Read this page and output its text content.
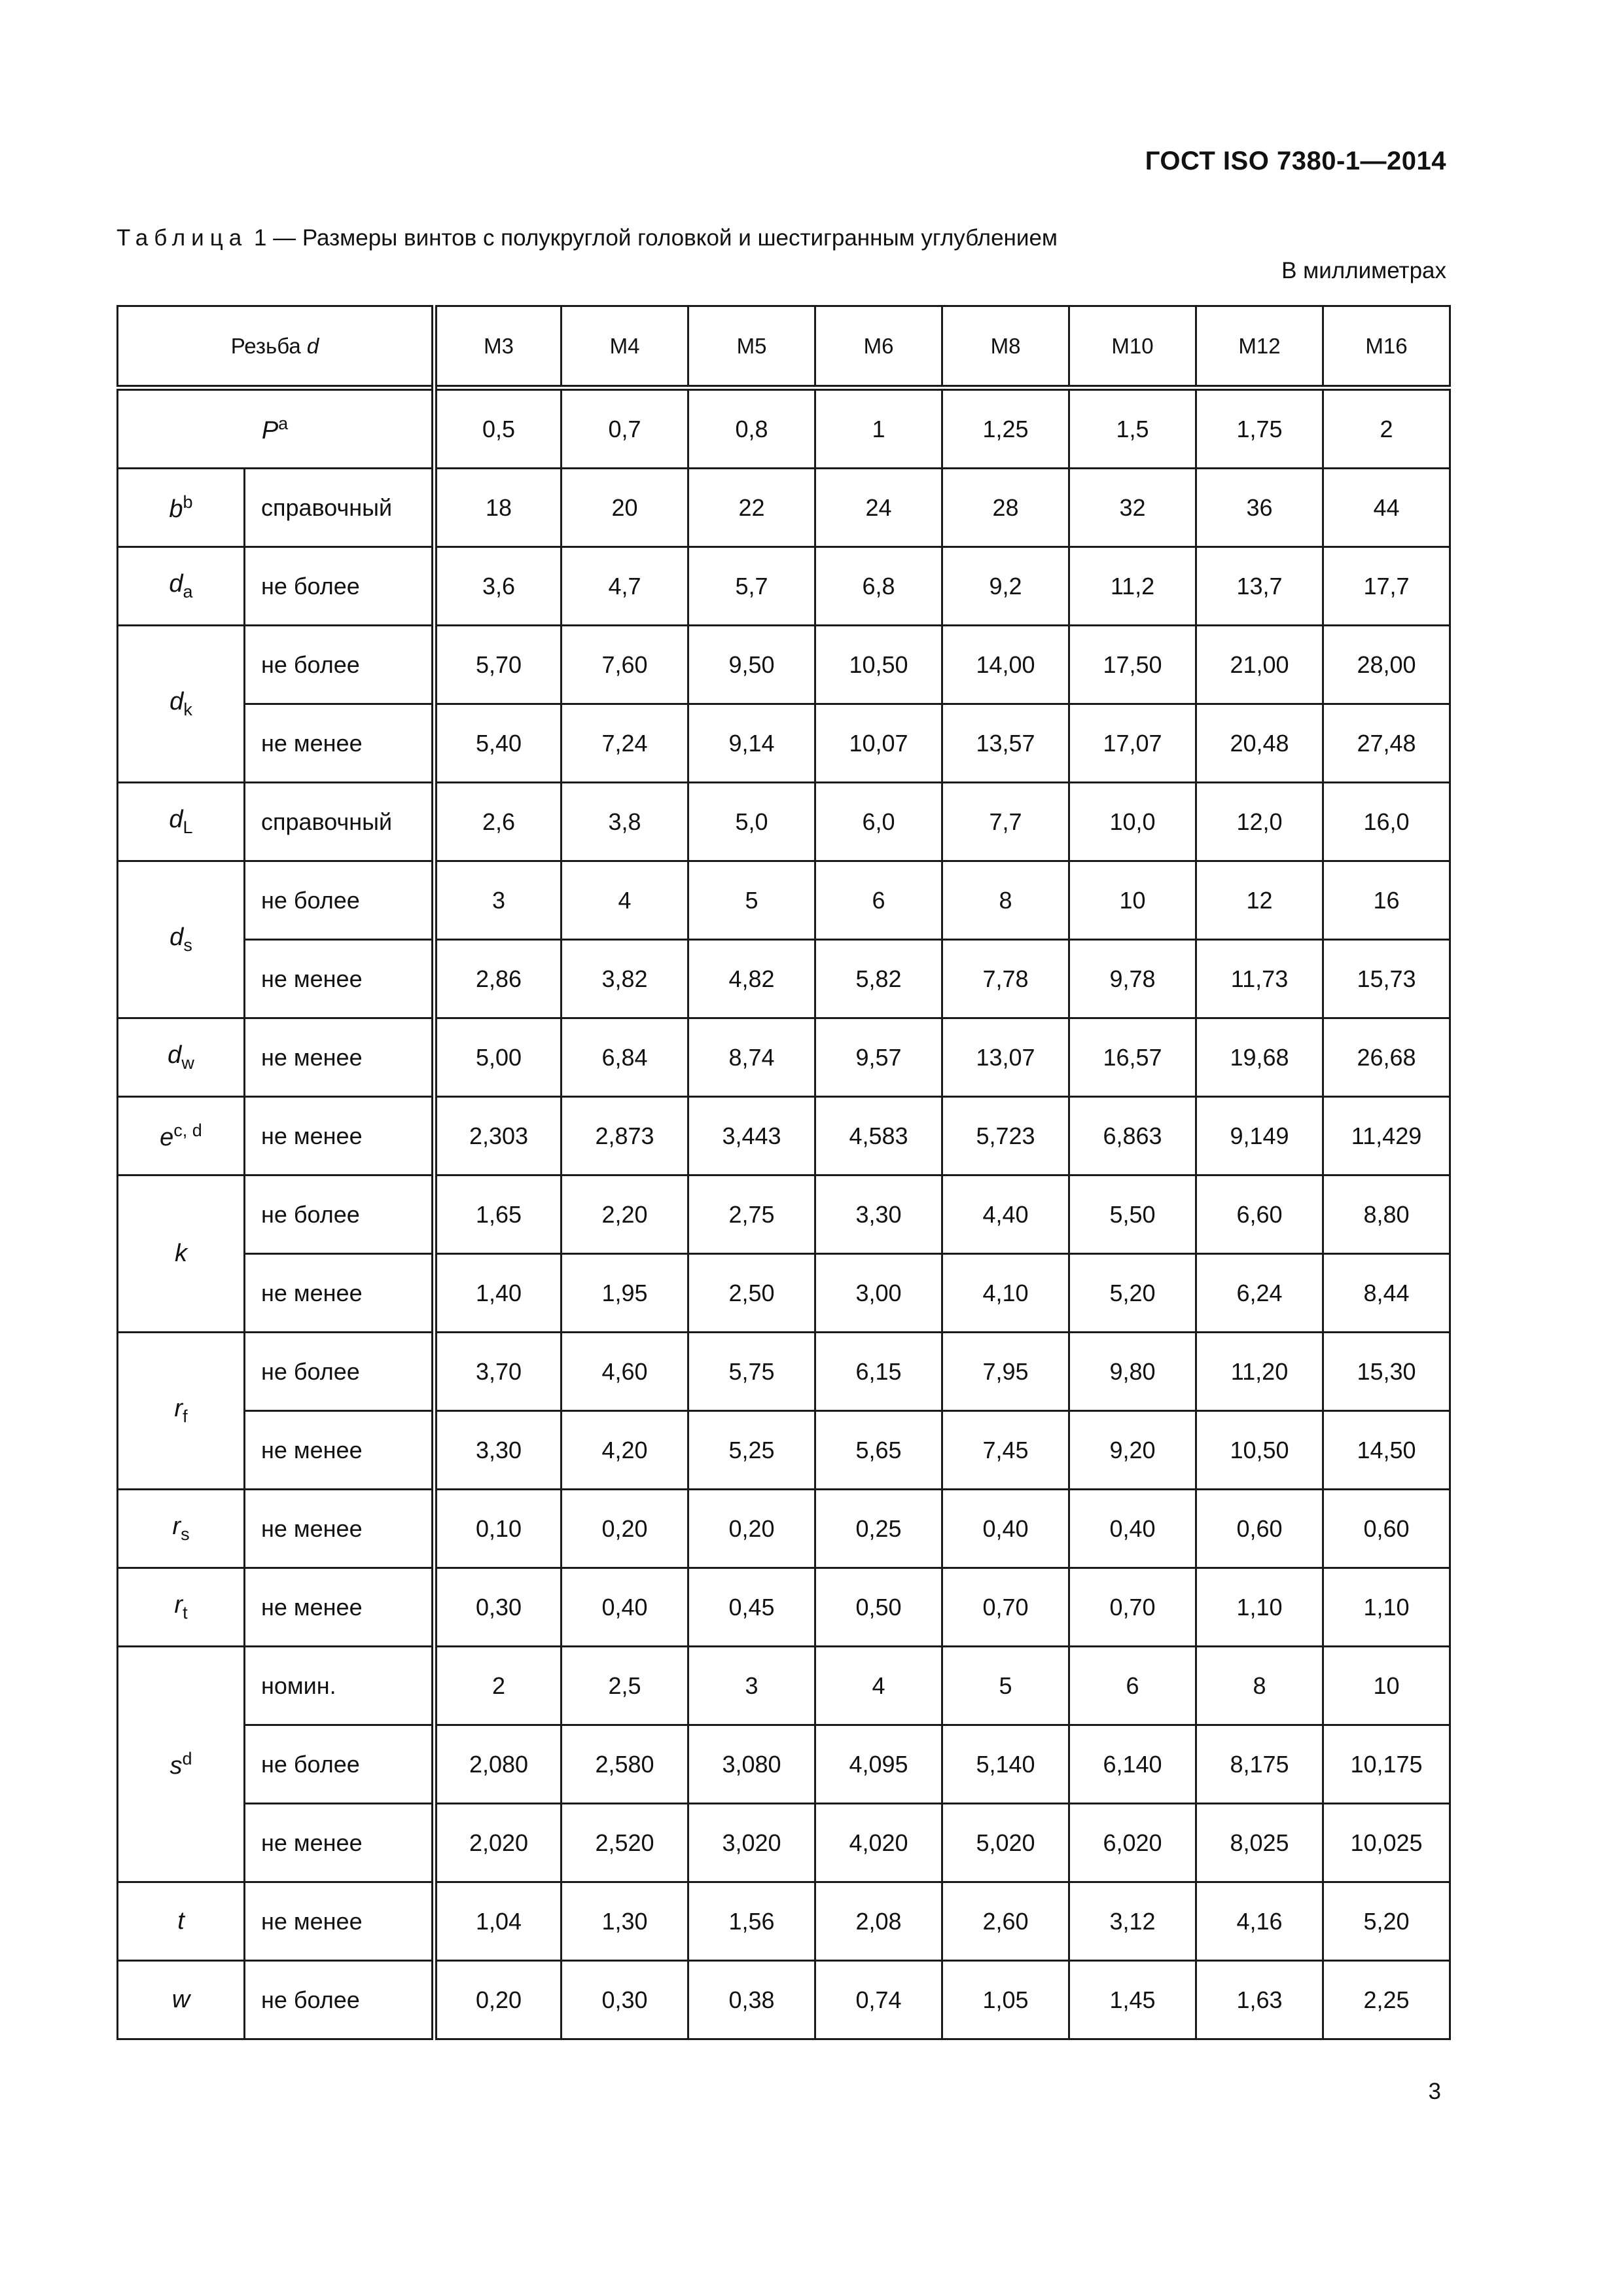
ГОСТ ISO 7380-1—2014
Таблица 1 — Размеры винтов с полукруглой головкой и шестигранным углублением
В миллиметрах
Резьба d		M3	M4	M5	M6	M8	M10	M12	M16
$P^a$		0,5	0,7	0,8	1	1,25	1,5	1,75	2
$b^b$	справочный	18	20	22	24	28	32	36	44
$d_a$	не более	3,6	4,7	5,7	6,8	9,2	11,2	13,7	17,7
$d_k$	не более	5,70	7,60	9,50	10,50	14,00	17,50	21,00	28,00
	не менее	5,40	7,24	9,14	10,07	13,57	17,07	20,48	27,48
$d_L$	справочный	2,6	3,8	5,0	6,0	7,7	10,0	12,0	16,0
$d_s$	не более	3	4	5	6	8	10	12	16
	не менее	2,86	3,82	4,82	5,82	7,78	9,78	11,73	15,73
$d_w$	не менее	5,00	6,84	8,74	9,57	13,07	16,57	19,68	26,68
$e^{c, d}$	не менее	2,303	2,873	3,443	4,583	5,723	6,863	9,149	11,429
k	не более	1,65	2,20	2,75	3,30	4,40	5,50	6,60	8,80
	не менее	1,40	1,95	2,50	3,00	4,10	5,20	6,24	8,44
$r_f$	не более	3,70	4,60	5,75	6,15	7,95	9,80	11,20	15,30
	не менее	3,30	4,20	5,25	5,65	7,45	9,20	10,50	14,50
$r_s$	не менее	0,10	0,20	0,20	0,25	0,40	0,40	0,60	0,60
$r_t$	не менее	0,30	0,40	0,45	0,50	0,70	0,70	1,10	1,10
$s^d$	номин.	2	2,5	3	4	5	6	8	10
	не более	2,080	2,580	3,080	4,095	5,140	6,140	8,175	10,175
	не менее	2,020	2,520	3,020	4,020	5,020	6,020	8,025	10,025
t	не менее	1,04	1,30	1,56	2,08	2,60	3,12	4,16	5,20
w	не более	0,20	0,30	0,38	0,74	1,05	1,45	1,63	2,25
3
